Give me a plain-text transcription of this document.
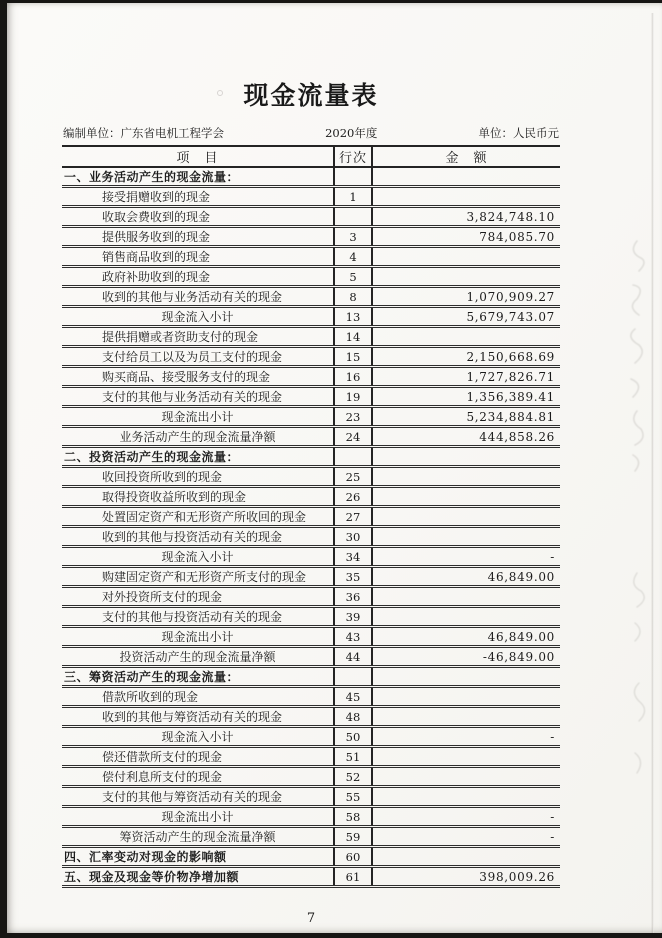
现金流量表
编制单位：广东省电机工程学会	2020年度	单位：人民币元
项　目	行次	金　额
一、业务活动产生的现金流量：		
接受捐赠收到的现金	1	
收取会费收到的现金		3,824,748.10
提供服务收到的现金	3	784,085.70
销售商品收到的现金	4	
政府补助收到的现金	5	
收到的其他与业务活动有关的现金	8	1,070,909.27
现金流入小计	13	5,679,743.07
提供捐赠或者资助支付的现金	14	
支付给员工以及为员工支付的现金	15	2,150,668.69
购买商品、接受服务支付的现金	16	1,727,826.71
支付的其他与业务活动有关的现金	19	1,356,389.41
现金流出小计	23	5,234,884.81
业务活动产生的现金流量净额	24	444,858.26
二、投资活动产生的现金流量：		
收回投资所收到的现金	25	
取得投资收益所收到的现金	26	
处置固定资产和无形资产所收回的现金	27	
收到的其他与投资活动有关的现金	30	
现金流入小计	34	-
购建固定资产和无形资产所支付的现金	35	46,849.00
对外投资所支付的现金	36	
支付的其他与投资活动有关的现金	39	
现金流出小计	43	46,849.00
投资活动产生的现金流量净额	44	-46,849.00
三、筹资活动产生的现金流量：		
借款所收到的现金	45	
收到的其他与筹资活动有关的现金	48	
现金流入小计	50	-
偿还借款所支付的现金	51	
偿付利息所支付的现金	52	
支付的其他与筹资活动有关的现金	55	
现金流出小计	58	-
筹资活动产生的现金流量净额	59	-
四、汇率变动对现金的影响额	60	
五、现金及现金等价物净增加额	61	398,009.26
7
